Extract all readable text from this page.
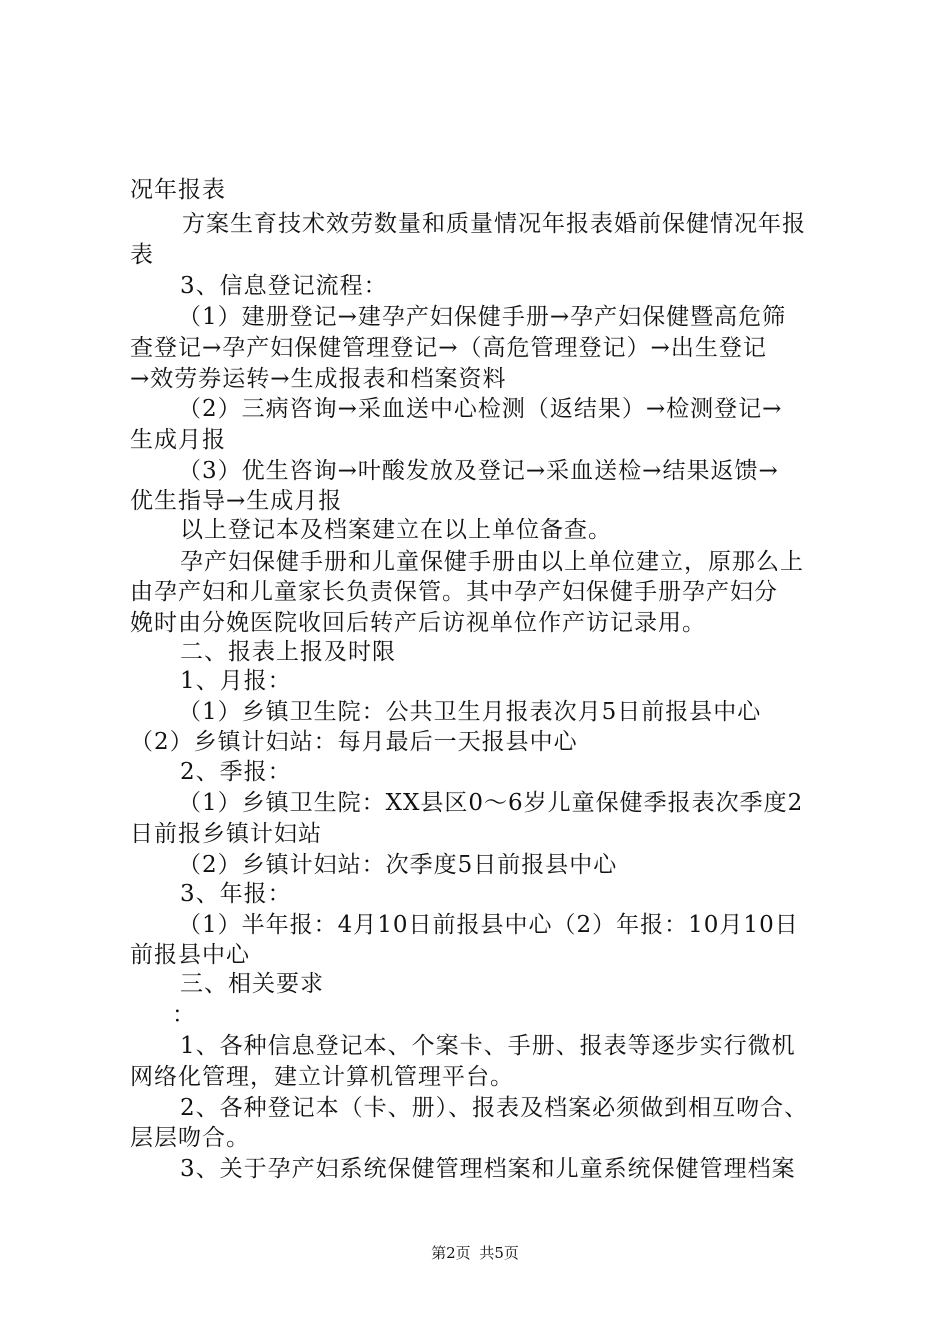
况年报表
方案生育技术效劳数量和质量情况年报表婚前保健情况年报
表
3、信息登记流程：
（1）建册登记→建孕产妇保健手册→孕产妇保健暨高危筛
查登记→孕产妇保健管理登记→（高危管理登记）→出生登记
→效劳券运转→生成报表和档案资料
（2）三病咨询→采血送中心检测（返结果）→检测登记→
生成月报
（3）优生咨询→叶酸发放及登记→采血送检→结果返馈→
优生指导→生成月报
以上登记本及档案建立在以上单位备查。
孕产妇保健手册和儿童保健手册由以上单位建立，原那么上
由孕产妇和儿童家长负责保管。其中孕产妇保健手册孕产妇分
娩时由分娩医院收回后转产后访视单位作产访记录用。
二、报表上报及时限
1、月报：
（1）乡镇卫生院：公共卫生月报表次月5日前报县中心
（2）乡镇计妇站：每月最后一天报县中心
2、季报：
（1）乡镇卫生院：XX县区0～6岁儿童保健季报表次季度2
日前报乡镇计妇站
（2）乡镇计妇站：次季度5日前报县中心
3、年报：
（1）半年报：4月10日前报县中心（2）年报：10月10日
前报县中心
三、相关要求
：
1、各种信息登记本、个案卡、手册、报表等逐步实行微机
网络化管理，建立计算机管理平台。
2、各种登记本（卡、册）、报表及档案必须做到相互吻合、
层层吻合。
3、关于孕产妇系统保健管理档案和儿童系统保健管理档案
第2页 共5页
